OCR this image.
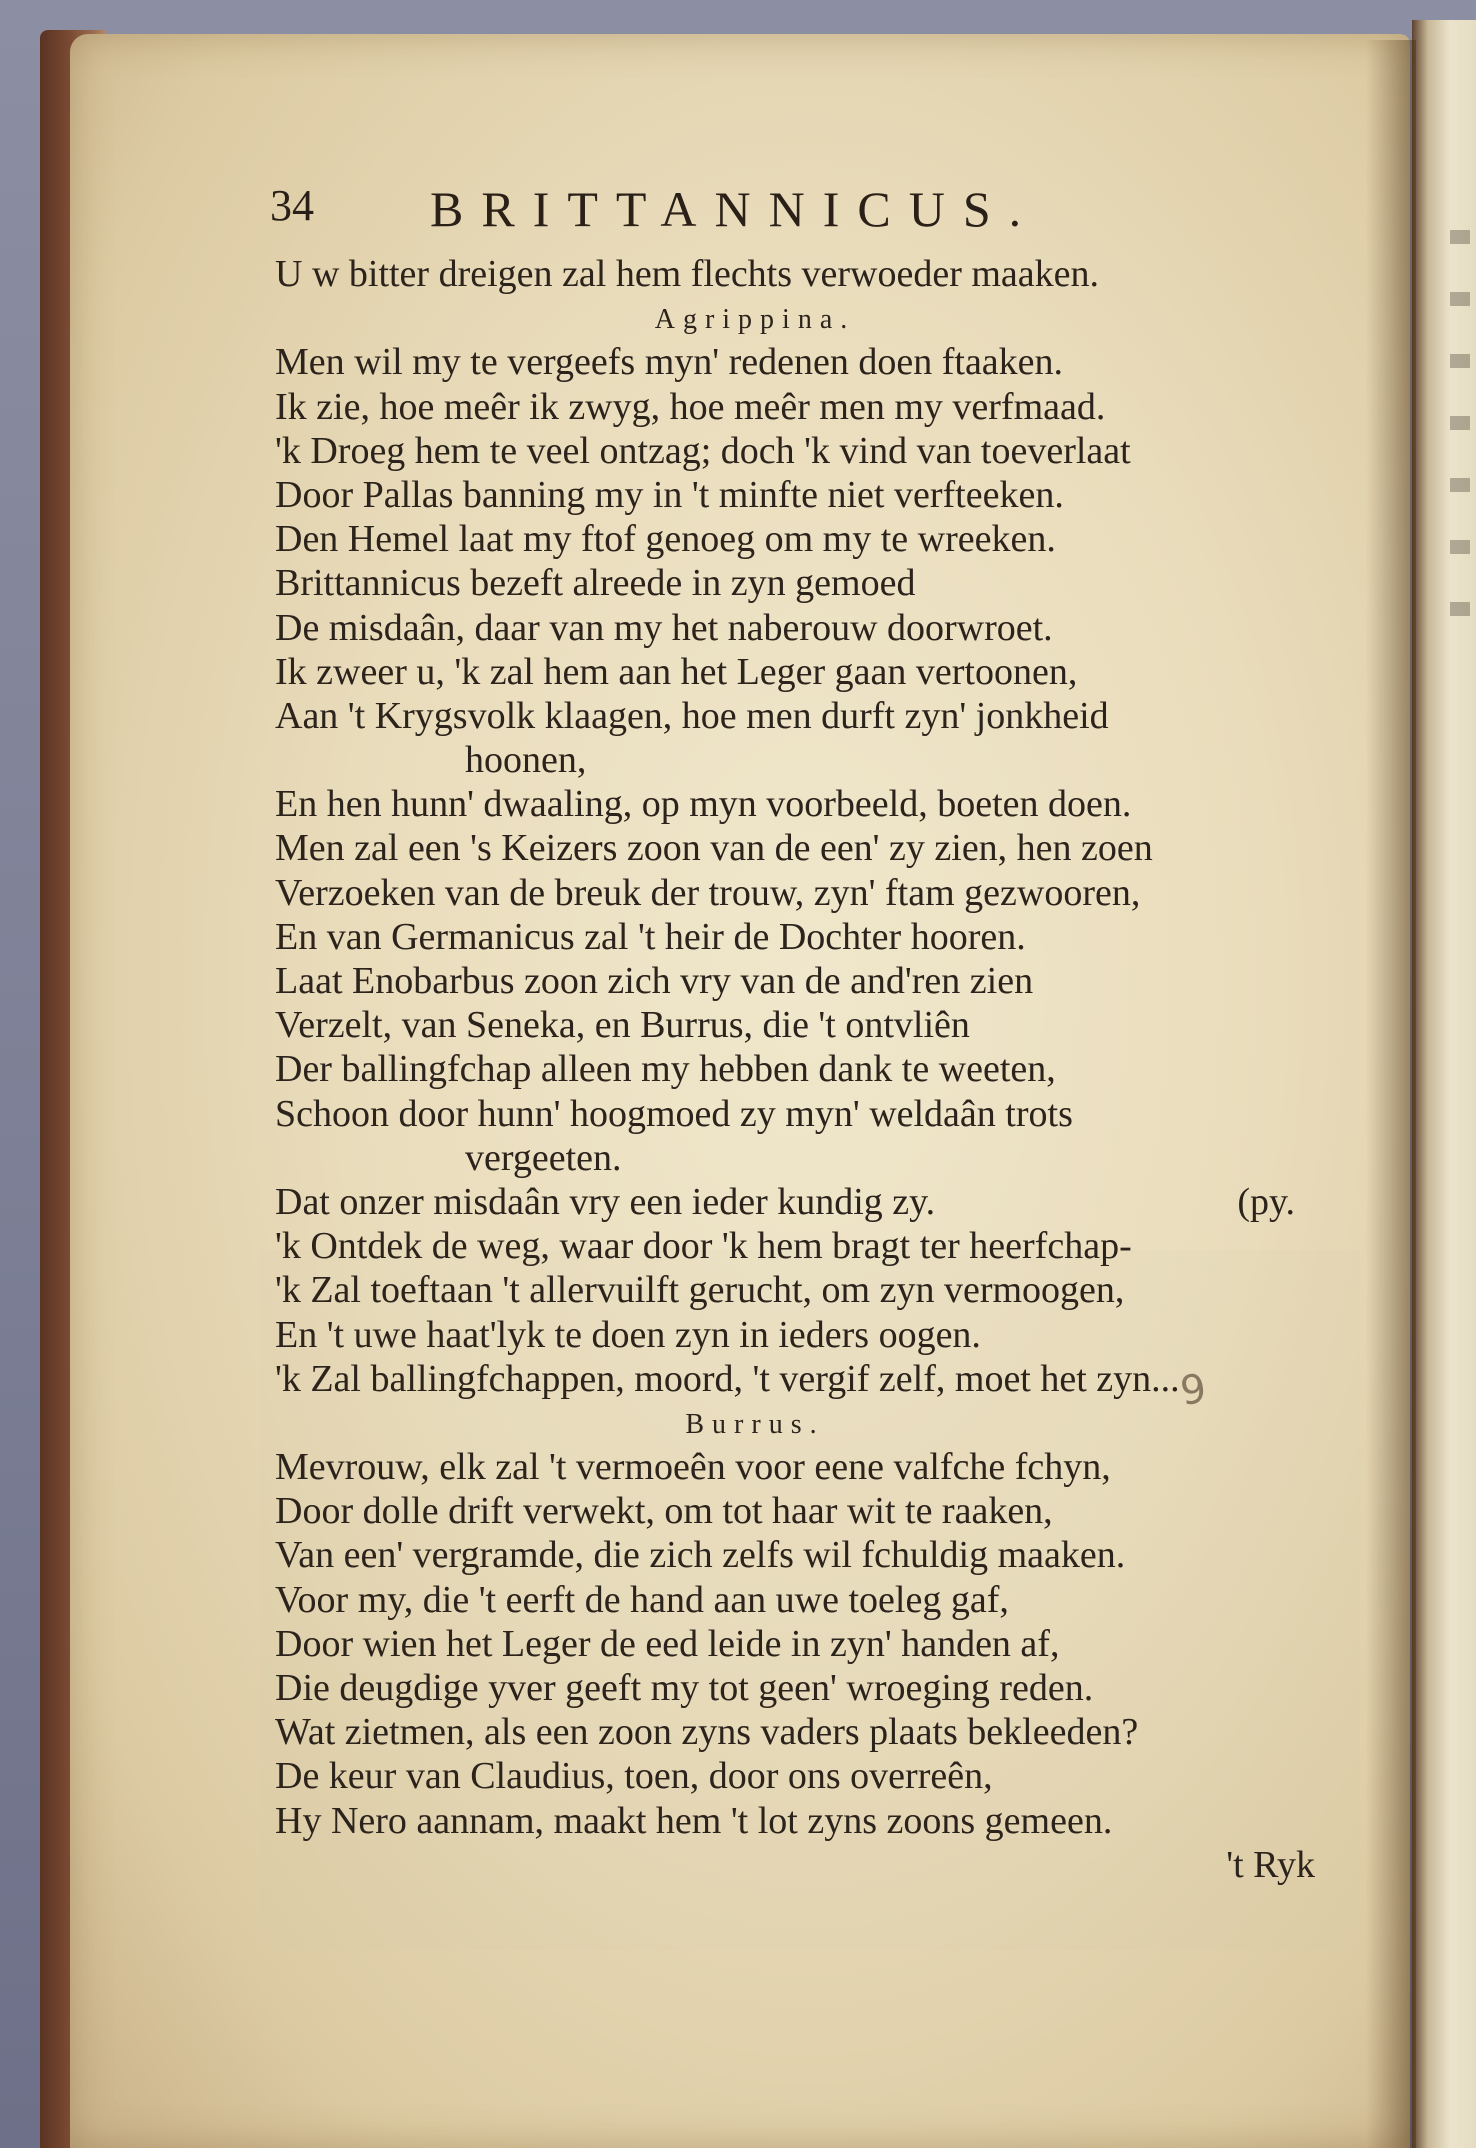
34 BRITTANNICUS.
U w bitter dreigen zal hem flechts verwoeder maaken.
Agrippina.
Men wil my te vergeefs myn' redenen doen ftaaken.
Ik zie, hoe meêr ik zwyg, hoe meêr men my verfmaad.
'k Droeg hem te veel ontzag; doch 'k vind van toeverlaat
Door Pallas banning my in 't minfte niet verfteeken.
Den Hemel laat my ftof genoeg om my te wreeken.
Brittannicus bezeft alreede in zyn gemoed
De misdaân, daar van my het naberouw doorwroet.
Ik zweer u, 'k zal hem aan het Leger gaan vertoonen,
Aan 't Krygsvolk klaagen, hoe men durft zyn' jonkheid
hoonen,
En hen hunn' dwaaling, op myn voorbeeld, boeten doen.
Men zal een 's Keizers zoon van de een' zy zien, hen zoen
Verzoeken van de breuk der trouw, zyn' ftam gezwooren,
En van Germanicus zal 't heir de Dochter hooren.
Laat Enobarbus zoon zich vry van de and'ren zien
Verzelt, van Seneka, en Burrus, die 't ontvliên
Der ballingfchap alleen my hebben dank te weeten,
Schoon door hunn' hoogmoed zy myn' weldaân trots
vergeeten.
Dat onzer misdaân vry een ieder kundig zy.	(py.
'k Ontdek de weg, waar door 'k hem bragt ter heerfchap-
'k Zal toeftaan 't allervuilft gerucht, om zyn vermoogen,
En 't uwe haat'lyk te doen zyn in ieders oogen.
'k Zal ballingfchappen, moord, 't vergif zelf, moet het zyn...
Burrus.
Mevrouw, elk zal 't vermoeên voor eene valfche fchyn,
Door dolle drift verwekt, om tot haar wit te raaken,
Van een' vergramde, die zich zelfs wil fchuldig maaken.
Voor my, die 't eerft de hand aan uwe toeleg gaf,
Door wien het Leger de eed leide in zyn' handen af,
Die deugdige yver geeft my tot geen' wroeging reden.
Wat zietmen, als een zoon zyns vaders plaats bekleeden?
De keur van Claudius, toen, door ons overreên,
Hy Nero aannam, maakt hem 't lot zyns zoons gemeen.
't Ryk
9
